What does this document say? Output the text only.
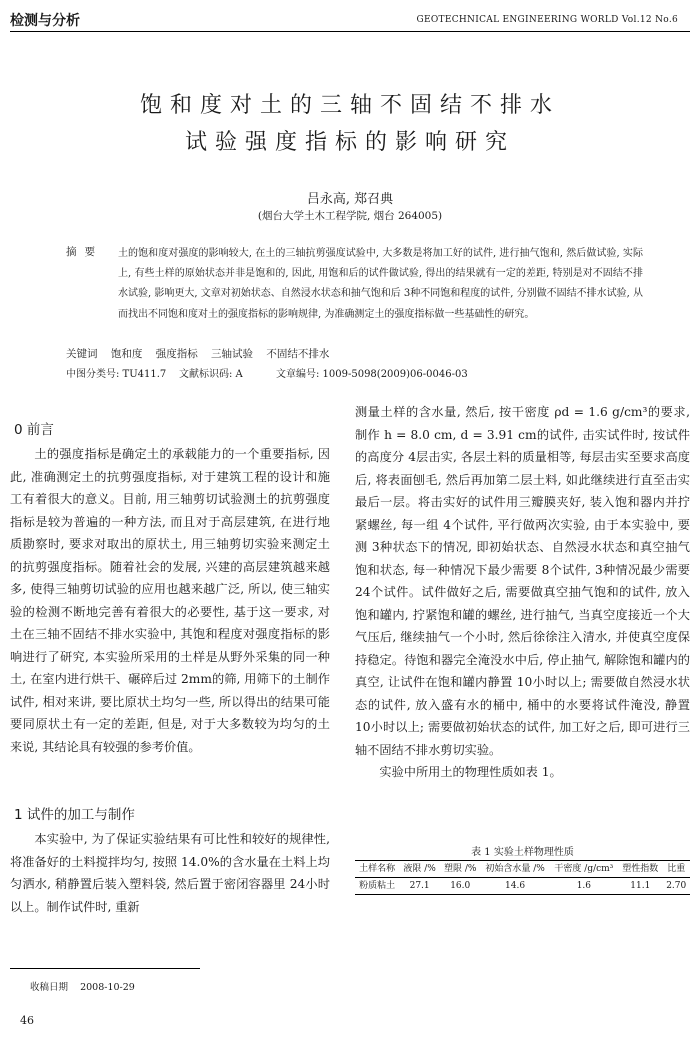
检测与分析	GEOTECHNICAL ENGINEERING WORLD Vol.12 No.6
饱和度对土的三轴不固结不排水
试验强度指标的影响研究
吕永高, 郑召典
(烟台大学土木工程学院, 烟台 264005)
摘要 土的饱和度对强度的影响较大, 在土的三轴抗剪强度试验中, 大多数是将加工好的试件, 进行抽气饱和, 然后做试验, 实际上, 有些土样的原始状态并非是饱和的, 因此, 用饱和后的试件做试验, 得出的结果就有一定的差距, 特别是对不固结不排水试验, 影响更大, 文章对初始状态、自然浸水状态和抽气饱和后 3种不同饱和程度的试件, 分别做不固结不排水试验, 从而找出不同饱和度对土的强度指标的影响规律, 为准确测定土的强度指标做一些基础性的研究。
关键词 饱和度    强度指标    三轴试验    不固结不排水
中图分类号: TU411.7 文献标识码: A	文章编号: 1009-5098(2009)06-0046-03
0 前言

土的强度指标是确定土的承载能力的一个重要指标, 因此, 准确测定土的抗剪强度指标, 对于建筑工程的设计和施工有着很大的意义。目前, 用三轴剪切试验测土的抗剪强度指标是较为普遍的一种方法, 而且对于高层建筑, 在进行地质勘察时, 要求对取出的原状土, 用三轴剪切实验来测定土的抗剪强度指标。随着社会的发展, 兴建的高层建筑越来越多, 使得三轴剪切试验的应用也越来越广泛, 所以, 使三轴实验的检测不断地完善有着很大的必要性, 基于这一要求, 对土在三轴不固结不排水实验中, 其饱和程度对强度指标的影响进行了研究, 本实验所采用的土样是从野外采集的同一种土, 在室内进行烘干、碾碎后过 2mm的筛, 用筛下的土制作试件, 相对来讲, 要比原状土均匀一些, 所以得出的结果可能要同原状土有一定的差距, 但是, 对于大多数较为均匀的土来说, 其结论具有较强的参考价值。

1 试件的加工与制作

本实验中, 为了保证实验结果有可比性和较好的规律性, 将准备好的土料搅拌均匀, 按照 14.0%的含水量在土料上均匀洒水, 稍静置后装入塑料袋, 然后置于密闭容器里 24小时以上。制作试件时, 重新

测量土样的含水量, 然后, 按干密度 ρd = 1.6 g/cm³的要求, 制作 h = 8.0 cm, d = 3.91 cm的试件, 击实试件时, 按试件的高度分 4层击实, 各层土料的质量相等, 每层击实至要求高度后, 将表面刨毛, 然后再加第二层土料, 如此继续进行直至击实最后一层。将击实好的试件用三瓣膜夹好, 装入饱和器内并拧紧螺丝, 每一组 4个试件, 平行做两次实验, 由于本实验中, 要测 3种状态下的情况, 即初始状态、自然浸水状态和真空抽气饱和状态, 每一种情况下最少需要 8个试件, 3种情况最少需要 24个试件。试件做好之后, 需要做真空抽气饱和的试件, 放入饱和罐内, 拧紧饱和罐的螺丝, 进行抽气, 当真空度接近一个大气压后, 继续抽气一个小时, 然后徐徐注入清水, 并使真空度保持稳定。待饱和器完全淹没水中后, 停止抽气, 解除饱和罐内的真空, 让试件在饱和罐内静置 10小时以上; 需要做自然浸水状态的试件, 放入盛有水的桶中, 桶中的水要将试件淹没, 静置 10小时以上; 需要做初始状态的试件, 加工好之后, 即可进行三轴不固结不排水剪切实验。

实验中所用土的物理性质如表 1。

表 1 实验土样物理性质
土样名称	液限 /%	塑限 /%	初始含水量 /%	干密度 /g/cm³	塑性指数	比重
粉质粘土	27.1	16.0	14.6	1.6	11.1	2.70
收稿日期    2008-10-29
46
